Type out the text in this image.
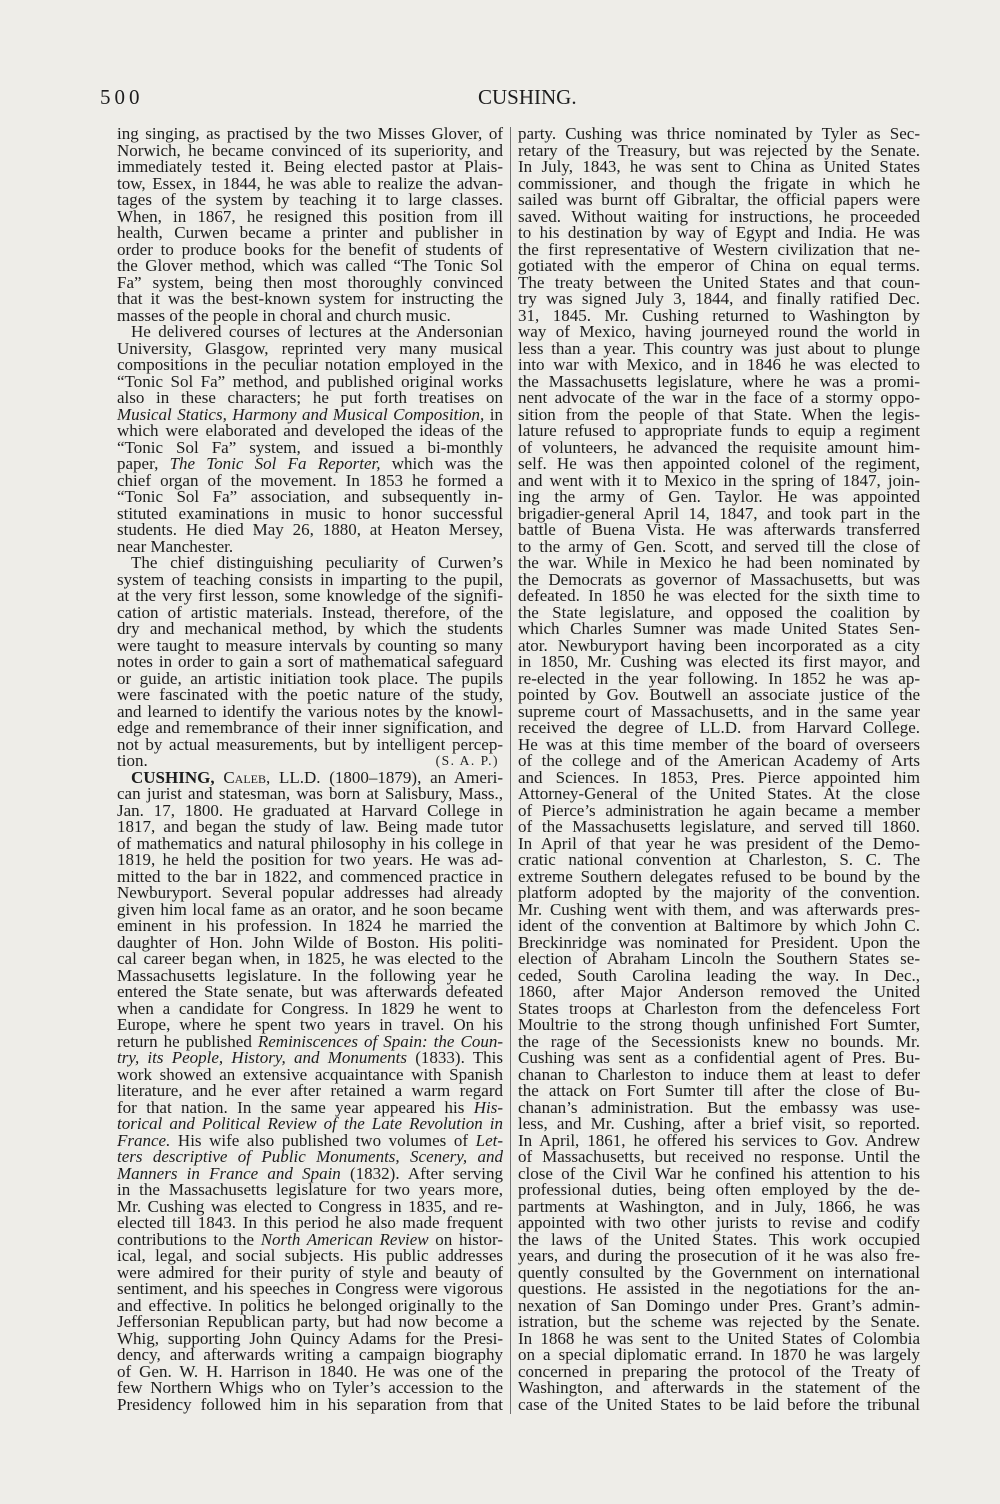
500	CUSHING.
ing singing, as practised by the two Misses Glover, of
Norwich, he became convinced of its superiority, and
immediately tested it. Being elected pastor at Plais-
tow, Essex, in 1844, he was able to realize the advan-
tages of the system by teaching it to large classes.
When, in 1867, he resigned this position from ill
health, Curwen became a printer and publisher in
order to produce books for the benefit of students of
the Glover method, which was called “The Tonic Sol
Fa” system, being then most thoroughly convinced
that it was the best-known system for instructing the
masses of the people in choral and church music.
He delivered courses of lectures at the Andersonian
University, Glasgow, reprinted very many musical
compositions in the peculiar notation employed in the
“Tonic Sol Fa” method, and published original works
also in these characters; he put forth treatises on
Musical Statics, Harmony and Musical Composition, in
which were elaborated and developed the ideas of the
“Tonic Sol Fa” system, and issued a bi-monthly
paper, The Tonic Sol Fa Reporter, which was the
chief organ of the movement. In 1853 he formed a
“Tonic Sol Fa” association, and subsequently in-
stituted examinations in music to honor successful
students. He died May 26, 1880, at Heaton Mersey,
near Manchester.
The chief distinguishing peculiarity of Curwen’s
system of teaching consists in imparting to the pupil,
at the very first lesson, some knowledge of the signifi-
cation of artistic materials. Instead, therefore, of the
dry and mechanical method, by which the students
were taught to measure intervals by counting so many
notes in order to gain a sort of mathematical safeguard
or guide, an artistic initiation took place. The pupils
were fascinated with the poetic nature of the study,
and learned to identify the various notes by the knowl-
edge and remembrance of their inner signification, and
not by actual measurements, but by intelligent percep-
tion.	(S. A. P.)
CUSHING, Caleb, LL.D. (1800–1879), an Ameri-
can jurist and statesman, was born at Salisbury, Mass.,
Jan. 17, 1800. He graduated at Harvard College in
1817, and began the study of law. Being made tutor
of mathematics and natural philosophy in his college in
1819, he held the position for two years. He was ad-
mitted to the bar in 1822, and commenced practice in
Newburyport. Several popular addresses had already
given him local fame as an orator, and he soon became
eminent in his profession. In 1824 he married the
daughter of Hon. John Wilde of Boston. His politi-
cal career began when, in 1825, he was elected to the
Massachusetts legislature. In the following year he
entered the State senate, but was afterwards defeated
when a candidate for Congress. In 1829 he went to
Europe, where he spent two years in travel. On his
return he published Reminiscences of Spain: the Coun-
try, its People, History, and Monuments (1833). This
work showed an extensive acquaintance with Spanish
literature, and he ever after retained a warm regard
for that nation. In the same year appeared his His-
torical and Political Review of the Late Revolution in
France. His wife also published two volumes of Let-
ters descriptive of Public Monuments, Scenery, and
Manners in France and Spain (1832). After serving
in the Massachusetts legislature for two years more,
Mr. Cushing was elected to Congress in 1835, and re-
elected till 1843. In this period he also made frequent
contributions to the North American Review on histor-
ical, legal, and social subjects. His public addresses
were admired for their purity of style and beauty of
sentiment, and his speeches in Congress were vigorous
and effective. In politics he belonged originally to the
Jeffersonian Republican party, but had now become a
Whig, supporting John Quincy Adams for the Presi-
dency, and afterwards writing a campaign biography
of Gen. W. H. Harrison in 1840. He was one of the
few Northern Whigs who on Tyler’s accession to the
Presidency followed him in his separation from that
party. Cushing was thrice nominated by Tyler as Sec-
retary of the Treasury, but was rejected by the Senate.
In July, 1843, he was sent to China as United States
commissioner, and though the frigate in which he
sailed was burnt off Gibraltar, the official papers were
saved. Without waiting for instructions, he proceeded
to his destination by way of Egypt and India. He was
the first representative of Western civilization that ne-
gotiated with the emperor of China on equal terms.
The treaty between the United States and that coun-
try was signed July 3, 1844, and finally ratified Dec.
31, 1845. Mr. Cushing returned to Washington by
way of Mexico, having journeyed round the world in
less than a year. This country was just about to plunge
into war with Mexico, and in 1846 he was elected to
the Massachusetts legislature, where he was a promi-
nent advocate of the war in the face of a stormy oppo-
sition from the people of that State. When the legis-
lature refused to appropriate funds to equip a regiment
of volunteers, he advanced the requisite amount him-
self. He was then appointed colonel of the regiment,
and went with it to Mexico in the spring of 1847, join-
ing the army of Gen. Taylor. He was appointed
brigadier-general April 14, 1847, and took part in the
battle of Buena Vista. He was afterwards transferred
to the army of Gen. Scott, and served till the close of
the war. While in Mexico he had been nominated by
the Democrats as governor of Massachusetts, but was
defeated. In 1850 he was elected for the sixth time to
the State legislature, and opposed the coalition by
which Charles Sumner was made United States Sen-
ator. Newburyport having been incorporated as a city
in 1850, Mr. Cushing was elected its first mayor, and
re-elected in the year following. In 1852 he was ap-
pointed by Gov. Boutwell an associate justice of the
supreme court of Massachusetts, and in the same year
received the degree of LL.D. from Harvard College.
He was at this time member of the board of overseers
of the college and of the American Academy of Arts
and Sciences. In 1853, Pres. Pierce appointed him
Attorney-General of the United States. At the close
of Pierce’s administration he again became a member
of the Massachusetts legislature, and served till 1860.
In April of that year he was president of the Demo-
cratic national convention at Charleston, S. C. The
extreme Southern delegates refused to be bound by the
platform adopted by the majority of the convention.
Mr. Cushing went with them, and was afterwards pres-
ident of the convention at Baltimore by which John C.
Breckinridge was nominated for President. Upon the
election of Abraham Lincoln the Southern States se-
ceded, South Carolina leading the way. In Dec.,
1860, after Major Anderson removed the United
States troops at Charleston from the defenceless Fort
Moultrie to the strong though unfinished Fort Sumter,
the rage of the Secessionists knew no bounds. Mr.
Cushing was sent as a confidential agent of Pres. Bu-
chanan to Charleston to induce them at least to defer
the attack on Fort Sumter till after the close of Bu-
chanan’s administration. But the embassy was use-
less, and Mr. Cushing, after a brief visit, so reported.
In April, 1861, he offered his services to Gov. Andrew
of Massachusetts, but received no response. Until the
close of the Civil War he confined his attention to his
professional duties, being often employed by the de-
partments at Washington, and in July, 1866, he was
appointed with two other jurists to revise and codify
the laws of the United States. This work occupied
years, and during the prosecution of it he was also fre-
quently consulted by the Government on international
questions. He assisted in the negotiations for the an-
nexation of San Domingo under Pres. Grant’s admin-
istration, but the scheme was rejected by the Senate.
In 1868 he was sent to the United States of Colombia
on a special diplomatic errand. In 1870 he was largely
concerned in preparing the protocol of the Treaty of
Washington, and afterwards in the statement of the
case of the United States to be laid before the tribunal
